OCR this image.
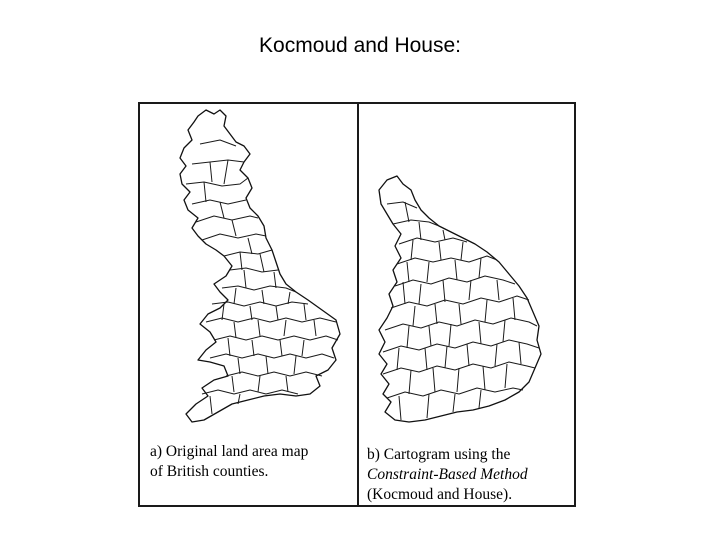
Kocmoud and House:
a) Original land area map
of British counties.
b) Cartogram using the
Constraint-Based Method
(Kocmoud and House).
